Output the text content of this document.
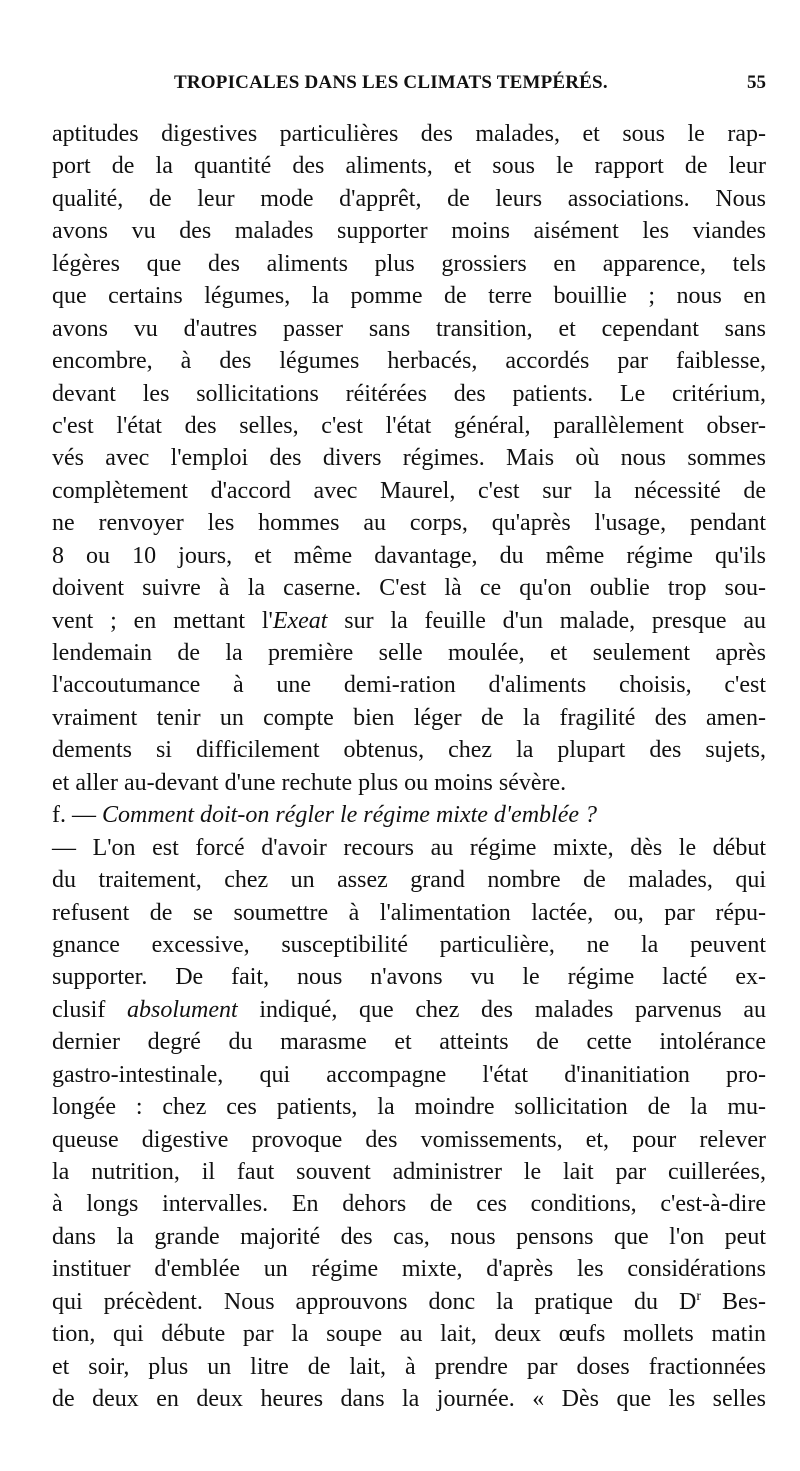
TROPICALES DANS LES CLIMATS TEMPÉRÉS.	55
aptitudes digestives particulières des malades, et sous le rap-
port de la quantité des aliments, et sous le rapport de leur
qualité, de leur mode d'apprêt, de leurs associations. Nous
avons vu des malades supporter moins aisément les viandes
légères que des aliments plus grossiers en apparence, tels
que certains légumes, la pomme de terre bouillie ; nous en
avons vu d'autres passer sans transition, et cependant sans
encombre, à des légumes herbacés, accordés par faiblesse,
devant les sollicitations réitérées des patients. Le critérium,
c'est l'état des selles, c'est l'état général, parallèlement obser-
vés avec l'emploi des divers régimes. Mais où nous sommes
complètement d'accord avec Maurel, c'est sur la nécessité de
ne renvoyer les hommes au corps, qu'après l'usage, pendant
8 ou 10 jours, et même davantage, du même régime qu'ils
doivent suivre à la caserne. C'est là ce qu'on oublie trop sou-
vent ; en mettant l'Exeat sur la feuille d'un malade, presque au
lendemain de la première selle moulée, et seulement après
l'accoutumance à une demi-ration d'aliments choisis, c'est
vraiment tenir un compte bien léger de la fragilité des amen-
dements si difficilement obtenus, chez la plupart des sujets,
et aller au-devant d'une rechute plus ou moins sévère.
f. — Comment doit-on régler le régime mixte d'emblée ?
— L'on est forcé d'avoir recours au régime mixte, dès le début
du traitement, chez un assez grand nombre de malades, qui
refusent de se soumettre à l'alimentation lactée, ou, par répu-
gnance excessive, susceptibilité particulière, ne la peuvent
supporter. De fait, nous n'avons vu le régime lacté ex-
clusif absolument indiqué, que chez des malades parvenus au
dernier degré du marasme et atteints de cette intolérance
gastro-intestinale, qui accompagne l'état d'inanitiation pro-
longée : chez ces patients, la moindre sollicitation de la mu-
queuse digestive provoque des vomissements, et, pour relever
la nutrition, il faut souvent administrer le lait par cuillerées,
à longs intervalles. En dehors de ces conditions, c'est-à-dire
dans la grande majorité des cas, nous pensons que l'on peut
instituer d'emblée un régime mixte, d'après les considérations
qui précèdent. Nous approuvons donc la pratique du $D^r$ Bes-
tion, qui débute par la soupe au lait, deux œufs mollets matin
et soir, plus un litre de lait, à prendre par doses fractionnées
de deux en deux heures dans la journée. « Dès que les selles
